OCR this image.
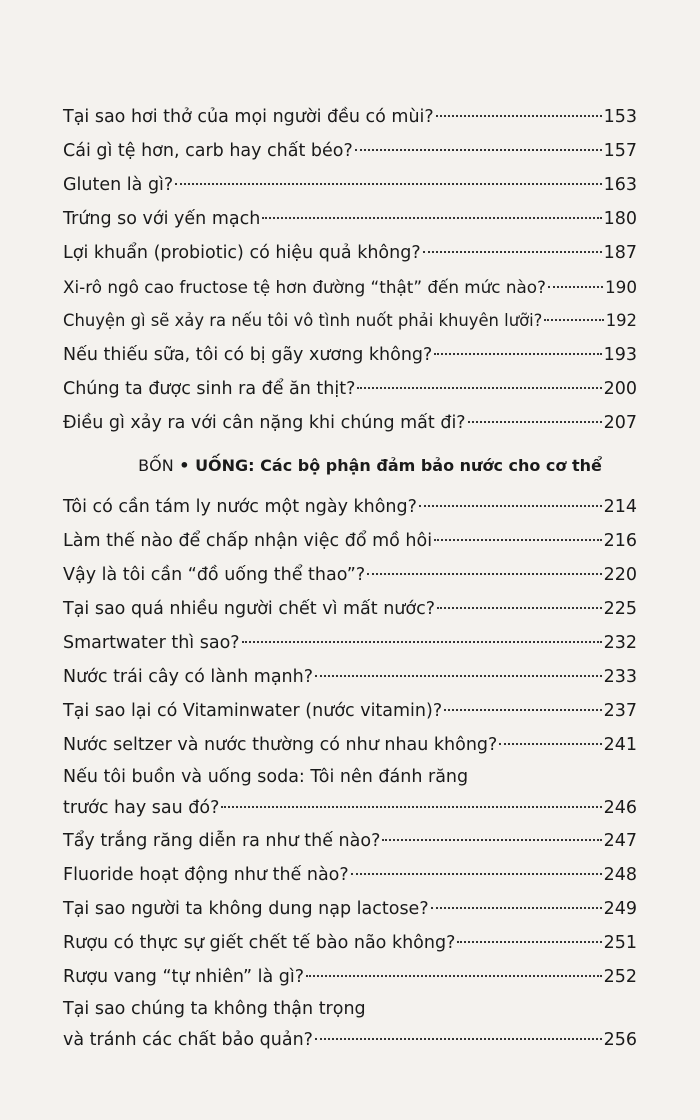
Tại sao hơi thở của mọi người đều có mùi?	153
Cái gì tệ hơn, carb hay chất béo?	157
Gluten là gì?	163
Trứng so với yến mạch	180
Lợi khuẩn (probiotic) có hiệu quả không?	187
Xi-rô ngô cao fructose tệ hơn đường “thật” đến mức nào?	190
Chuyện gì sẽ xảy ra nếu tôi vô tình nuốt phải khuyên lưỡi?	192
Nếu thiếu sữa, tôi có bị gãy xương không?	193
Chúng ta được sinh ra để ăn thịt?	200
Điều gì xảy ra với cân nặng khi chúng mất đi?	207
BỐN • UỐNG: Các bộ phận đảm bảo nước cho cơ thể
Tôi có cần tám ly nước một ngày không?	214
Làm thế nào để chấp nhận việc đổ mồ hôi	216
Vậy là tôi cần “đồ uống thể thao”?	220
Tại sao quá nhiều người chết vì mất nước?	225
Smartwater thì sao?	232
Nước trái cây có lành mạnh?	233
Tại sao lại có Vitaminwater (nước vitamin)?	237
Nước seltzer và nước thường có như nhau không?	241
Nếu tôi buồn và uống soda: Tôi nên đánh răng
trước hay sau đó?	246
Tẩy trắng răng diễn ra như thế nào?	247
Fluoride hoạt động như thế nào?	248
Tại sao người ta không dung nạp lactose?	249
Rượu có thực sự giết chết tế bào não không?	251
Rượu vang “tự nhiên” là gì?	252
Tại sao chúng ta không thận trọng
và tránh các chất bảo quản?	256
